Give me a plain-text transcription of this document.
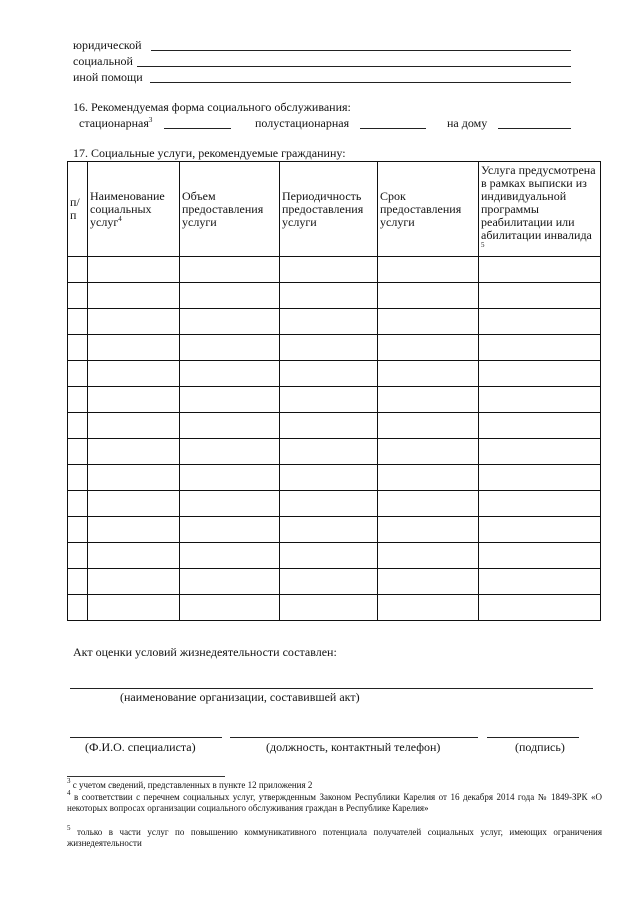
юридической
социальной
иной помощи
16. Рекомендуемая форма социального обслуживания:
стационарная$^3$	полустационарная	на дому
17. Социальные услуги, рекомендуемые гражданину:
п/п	Наименование социальных услуг$^4$	Объем предоставления услуги	Периодичность предоставления услуги	Срок предоставления услуги	Услуга предусмотрена в рамках выписки из индивидуальной программы реабилитации или абилитации инвалида $^5$

Акт оценки условий жизнедеятельности составлен:
(наименование организации, составившей акт)
(Ф.И.О. специалиста)	(должность, контактный телефон)	(подпись)
$^3$ с учетом сведений, представленных в пункте 12 приложения 2
$^4$ в соответствии с перечнем социальных услуг, утвержденным Законом Республики Карелия от 16 декабря 2014 года № 1849-ЗРК «О некоторых вопросах организации социального обслуживания граждан в Республике Карелия»
$^5$ только в части услуг по повышению коммуникативного потенциала получателей социальных услуг, имеющих ограничения жизнедеятельности
